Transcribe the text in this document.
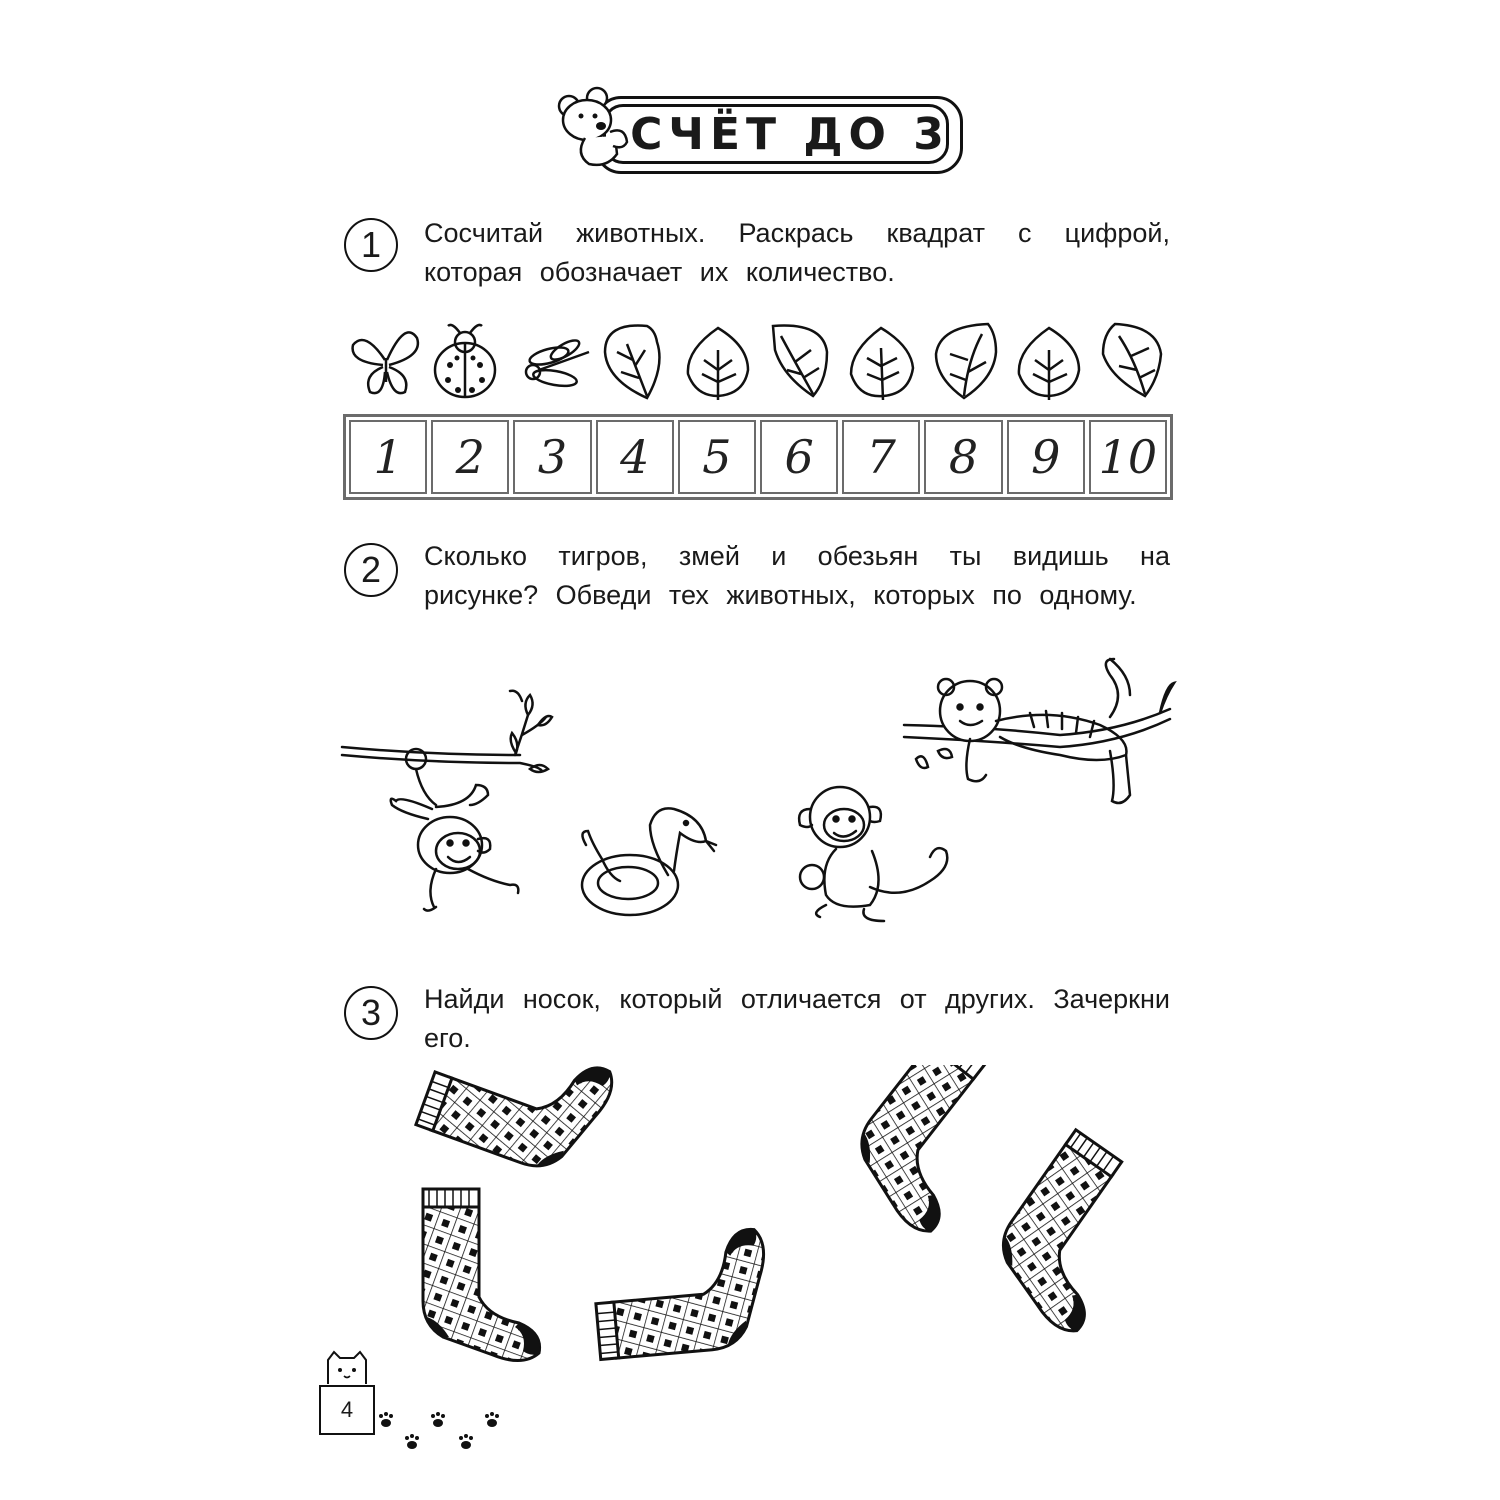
СЧЁТ ДО 3
1	Сосчитай животных. Раскрась квадрат с цифрой, которая обозначает их количество.
1	2	3	4	5	6	7	8	9 10
2	Сколько тигров, змей и обезьян ты видишь на рисунке? Обведи тех животных, которых по одному.
3	Найди носок, который отличается от других. Зачеркни его.
4
